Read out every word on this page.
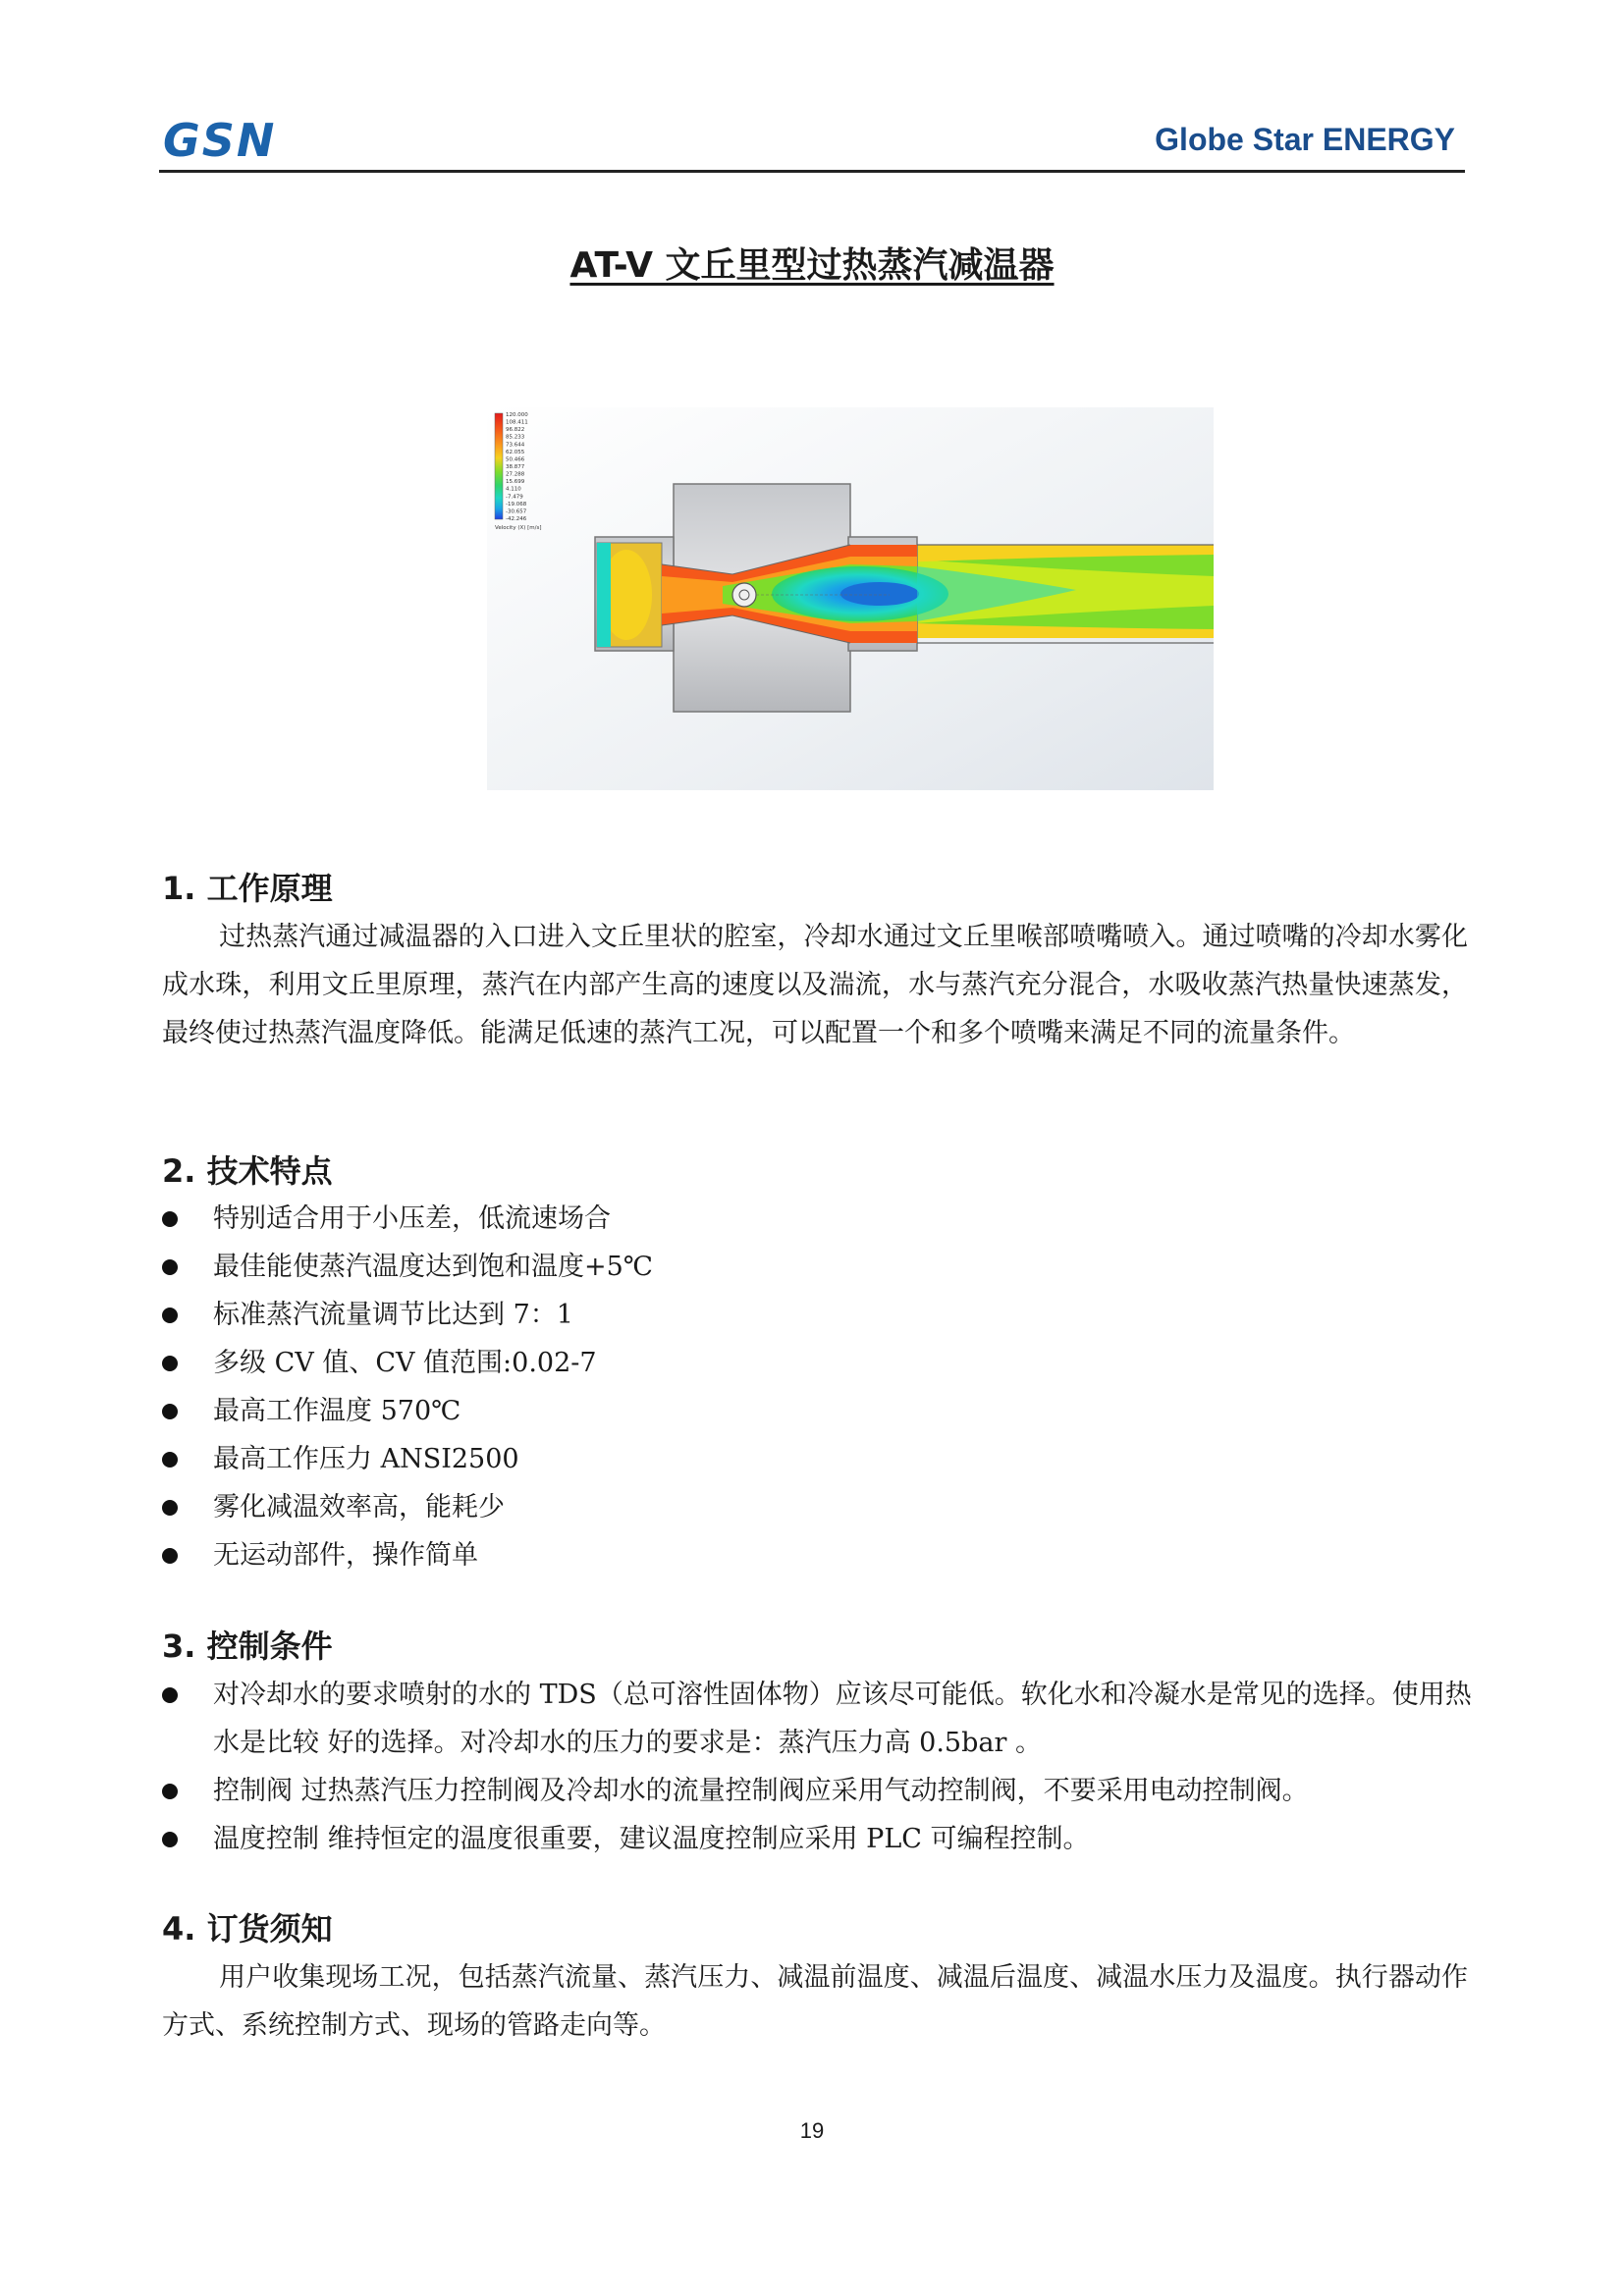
GSN	Globe Star ENERGY
AT-V 文丘里型过热蒸汽减温器
120.000
108.411
96.822
85.233
73.644
62.055
50.466
38.877
27.288
15.699
4.110
-7.479
-19.068
-30.657
-42.246
Velocity (X) [m/s]
1. 工作原理
过热蒸汽通过减温器的入口进入文丘里状的腔室，冷却水通过文丘里喉部喷嘴喷入。通过喷嘴的冷却水雾化成水珠，利用文丘里原理，蒸汽在内部产生高的速度以及湍流，水与蒸汽充分混合，水吸收蒸汽热量快速蒸发，最终使过热蒸汽温度降低。能满足低速的蒸汽工况，可以配置一个和多个喷嘴来满足不同的流量条件。
2. 技术特点
特别适合用于小压差，低流速场合
最佳能使蒸汽温度达到饱和温度+5℃
标准蒸汽流量调节比达到 7：1
多级 CV 值、CV 值范围:0.02-7
最高工作温度 570℃
最高工作压力 ANSI2500
雾化减温效率高，能耗少
无运动部件，操作简单
3. 控制条件
对冷却水的要求喷射的水的 TDS（总可溶性固体物）应该尽可能低。软化水和冷凝水是常见的选择。使用热水是比较 好的选择。对冷却水的压力的要求是：蒸汽压力高 0.5bar 。
控制阀 过热蒸汽压力控制阀及冷却水的流量控制阀应采用气动控制阀，不要采用电动控制阀。
温度控制 维持恒定的温度很重要，建议温度控制应采用 PLC 可编程控制。
4. 订货须知
用户收集现场工况，包括蒸汽流量、蒸汽压力、减温前温度、减温后温度、减温水压力及温度。执行器动作方式、系统控制方式、现场的管路走向等。
19
